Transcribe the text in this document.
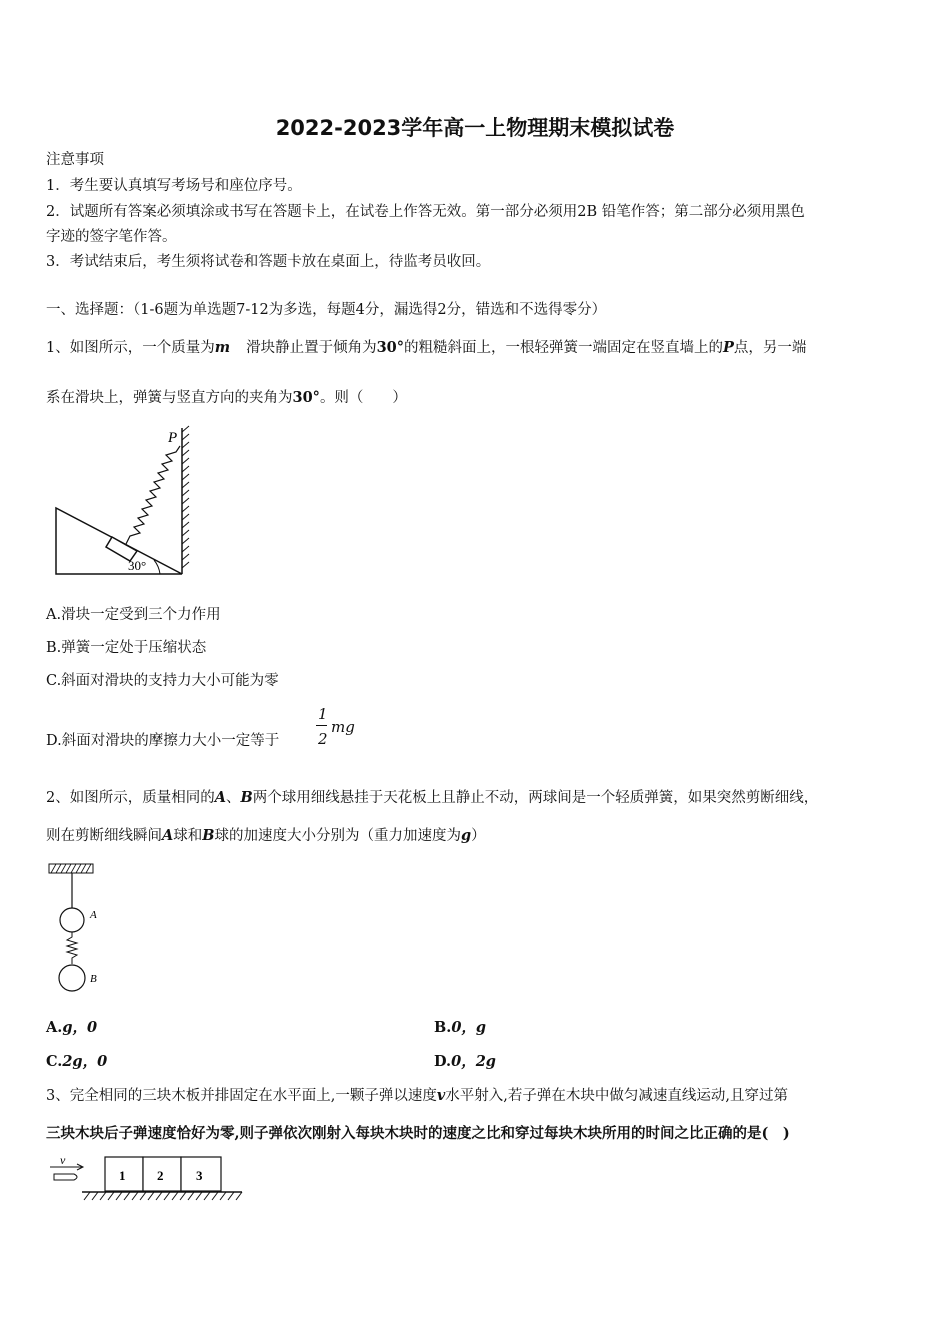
2022-2023学年高一上物理期末模拟试卷
注意事项
1．考生要认真填写考场号和座位序号。
2．试题所有答案必须填涂或书写在答题卡上，在试卷上作答无效。第一部分必须用2B 铅笔作答；第二部分必须用黑色
字迹的签字笔作答。
3．考试结束后，考生须将试卷和答题卡放在桌面上，待监考员收回。
一、选择题：（1-6题为单选题7-12为多选，每题4分，漏选得2分，错选和不选得零分）
1、如图所示，一个质量为m 滑块静止置于倾角为30°的粗糙斜面上，一根轻弹簧一端固定在竖直墙上的P点，另一端
系在滑块上，弹簧与竖直方向的夹角为30°。则（　　）
P
30°
A.滑块一定受到三个力作用
B.弹簧一定处于压缩状态
C.斜面对滑块的支持力大小可能为零
D.斜面对滑块的摩擦力大小一定等于
1
2
mg
2、如图所示，质量相同的A、B两个球用细线悬挂于天花板上且静止不动，两球间是一个轻质弹簧，如果突然剪断细线，
则在剪断细线瞬间A球和B球的加速度大小分别为（重力加速度为g）
A
B
A.g，0	B.0，g
C.2g，0	D.0，2g
3、完全相同的三块木板并排固定在水平面上,一颗子弹以速度v水平射入,若子弹在木块中做匀减速直线运动,且穿过第
三块木块后子弹速度恰好为零,则子弹依次刚射入每块木块时的速度之比和穿过每块木块所用的时间之比正确的是(　)
v
1 2	3
